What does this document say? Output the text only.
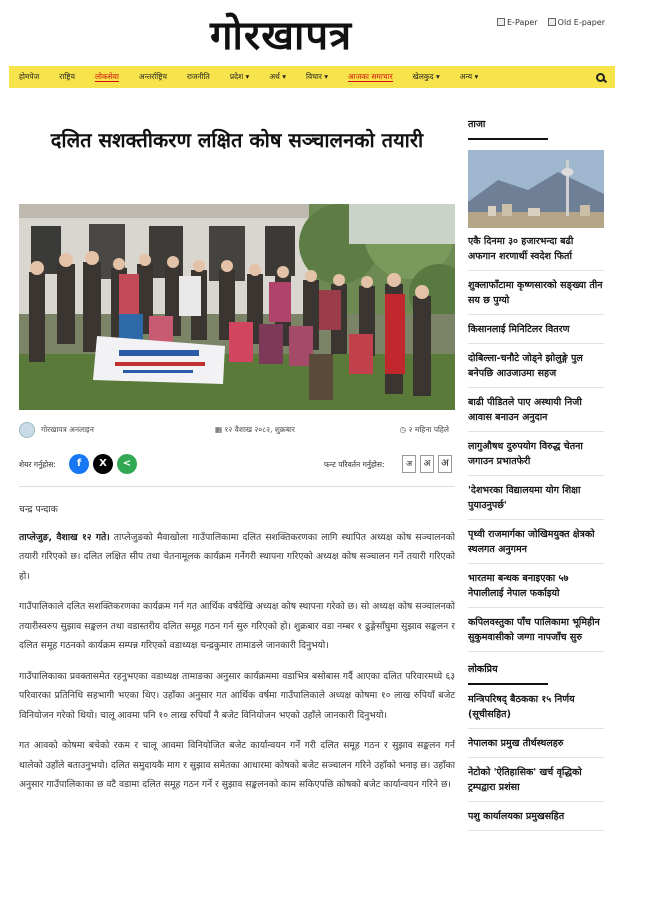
गोरखापत्र	E-Paper	Old E-paper
होमपेज	राष्ट्रिय	लोकसेवा	अन्तर्राष्ट्रिय	राजनीति	प्रदेश ▾	अर्थ ▾	विचार ▾	आजका समाचार	खेलकुद ▾	अन्य ▾
दलित सशक्तीकरण लक्षित कोष सञ्चालनको तयारी
गोरखापत्र अनलाइन	▦ १२ वैशाख २०८२, शुक्रबार	◷ २ महिना पहिले
शेयर गर्नुहोस:	f	X	<	फन्ट परिवर्तन गर्नुहोस:	अ	अ	अ

चन्द्र पन्दाक

ताप्लेजुङ, वैशाख १२ गते। ताप्लेजुङको मैवाखोला गाउँपालिकामा दलित सशक्तिकरणका लागि स्थापित अध्यक्ष कोष सञ्चालनको तयारी गरिएको छ। दलित लक्षित सीप तथा चेतनामूलक कार्यक्रम गर्नेगरी स्थापना गरिएको अध्यक्ष कोष सञ्चालन गर्ने तयारी गरिएको हो।

गाउँपालिकाले दलित सशक्तिकरणका कार्यक्रम गर्न गत आर्थिक वर्षदेखि अध्यक्ष कोष स्थापना गरेको छ। सो अध्यक्ष कोष सञ्चालनको तयारीस्वरुप सुझाव सङ्कलन तथा वडास्तरीय दलित समूह गठन गर्न सुरु गरिएको हो। शुक्रबार वडा नम्बर १ ढुङ्गेसाँघुमा सुझाव सङ्कलन र दलित समूह गठनको कार्यक्रम सम्पन्न गरिएको वडाध्यक्ष चन्द्रकुमार तामाङले जानकारी दिनुभयो।

गाउँपालिकाका प्रवक्तासमेत रहनुभएका वडाध्यक्ष तामाङका अनुसार कार्यक्रममा वडाभित्र बसोबास गर्दै आएका दलित परिवारमध्ये ६३ परिवारका प्रतिनिधि सहभागी भएका थिए। उहाँका अनुसार गत आर्थिक वर्षमा गाउँपालिकाले अध्यक्ष कोषमा १० लाख रुपियाँ बजेट विनियोजन गरेको थियो। चालू आवमा पनि १० लाख रुपियाँ नै बजेट विनियोजन भएको उहाँले जानकारी दिनुभयो।

गत आवको कोषमा बचेको रकम र चालू आवमा विनियोजित बजेट कार्यान्वयन गर्ने गरी दलित समूह गठन र सुझाव सङ्कलन गर्न थालेको उहाँले बताउनुभयो। दलित समुदायकै माग र सुझाव समेतका आधारमा कोषको बजेट सञ्चालन गरिने उहाँको भनाइ छ। उहाँका अनुसार गाउँपालिकाका छ वटै वडामा दलित समूह गठन गर्ने र सुझाव सङ्कलनको काम सकिएपछि कोषको बजेट कार्यान्वयन गरिने छ।

ताजा
एकै दिनमा ३० हजारभन्दा बढी अफगान शरणार्थी स्वदेश फिर्ता
शुक्लाफाँटामा कृष्णसारको सङ्ख्या तीन सय छ पुग्यो
किसानलाई मिनिटिलर वितरण
दोबिल्ला-चनौटे जोड्ने झोलुङ्गे पुल बनेपछि आउजाउमा सहज
बाढी पीडितले पाए अस्थायी निजी आवास बनाउन अनुदान
लागुऔषध दुरुपयोग विरुद्ध चेतना जगाउन प्रभातफेरी
'देशभरका विद्यालयमा योग शिक्षा पुयाउनुपर्छ'
पृथ्वी राजमार्गका जोखिमयुक्त क्षेत्रको स्थलगत अनुगमन
भारतमा बन्धक बनाइएका ५७ नेपालीलाई नेपाल फर्काइयो
कपिलवस्तुका पाँच पालिकामा भूमिहीन सुकुमवासीको जग्गा नापजाँच सुरु
लोकप्रिय
मन्त्रिपरिषद् बैठकका १५ निर्णय (सूचीसहित)
नेपालका प्रमुख तीर्थस्थलहरु
नेटोको 'ऐतिहासिक' खर्च वृद्धिको ट्रम्पद्वारा प्रशंसा
पशु कार्यालयका प्रमुखसहित
